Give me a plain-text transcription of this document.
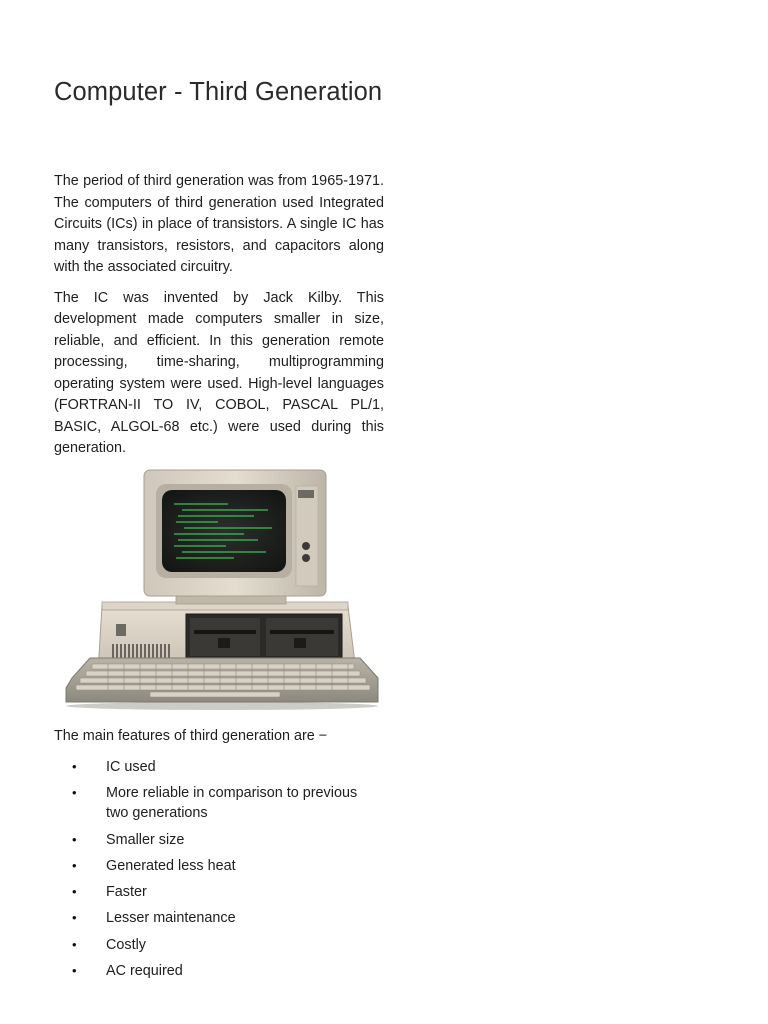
Computer - Third Generation

The period of third generation was from 1965-1971. The computers of third generation used Integrated Circuits (ICs) in place of transistors. A single IC has many transistors, resistors, and capacitors along with the associated circuitry.

The IC was invented by Jack Kilby. This development made computers smaller in size, reliable, and efficient. In this generation remote processing, time-sharing, multiprogramming operating system were used. High-level languages (FORTRAN-II TO IV, COBOL, PASCAL PL/1, BASIC, ALGOL-68 etc.) were used during this generation.

The main features of third generation are −

•	IC used
•	More reliable in comparison to previous two generations
•	Smaller size
•	Generated less heat
•	Faster
•	Lesser maintenance
•	Costly
•	AC required
